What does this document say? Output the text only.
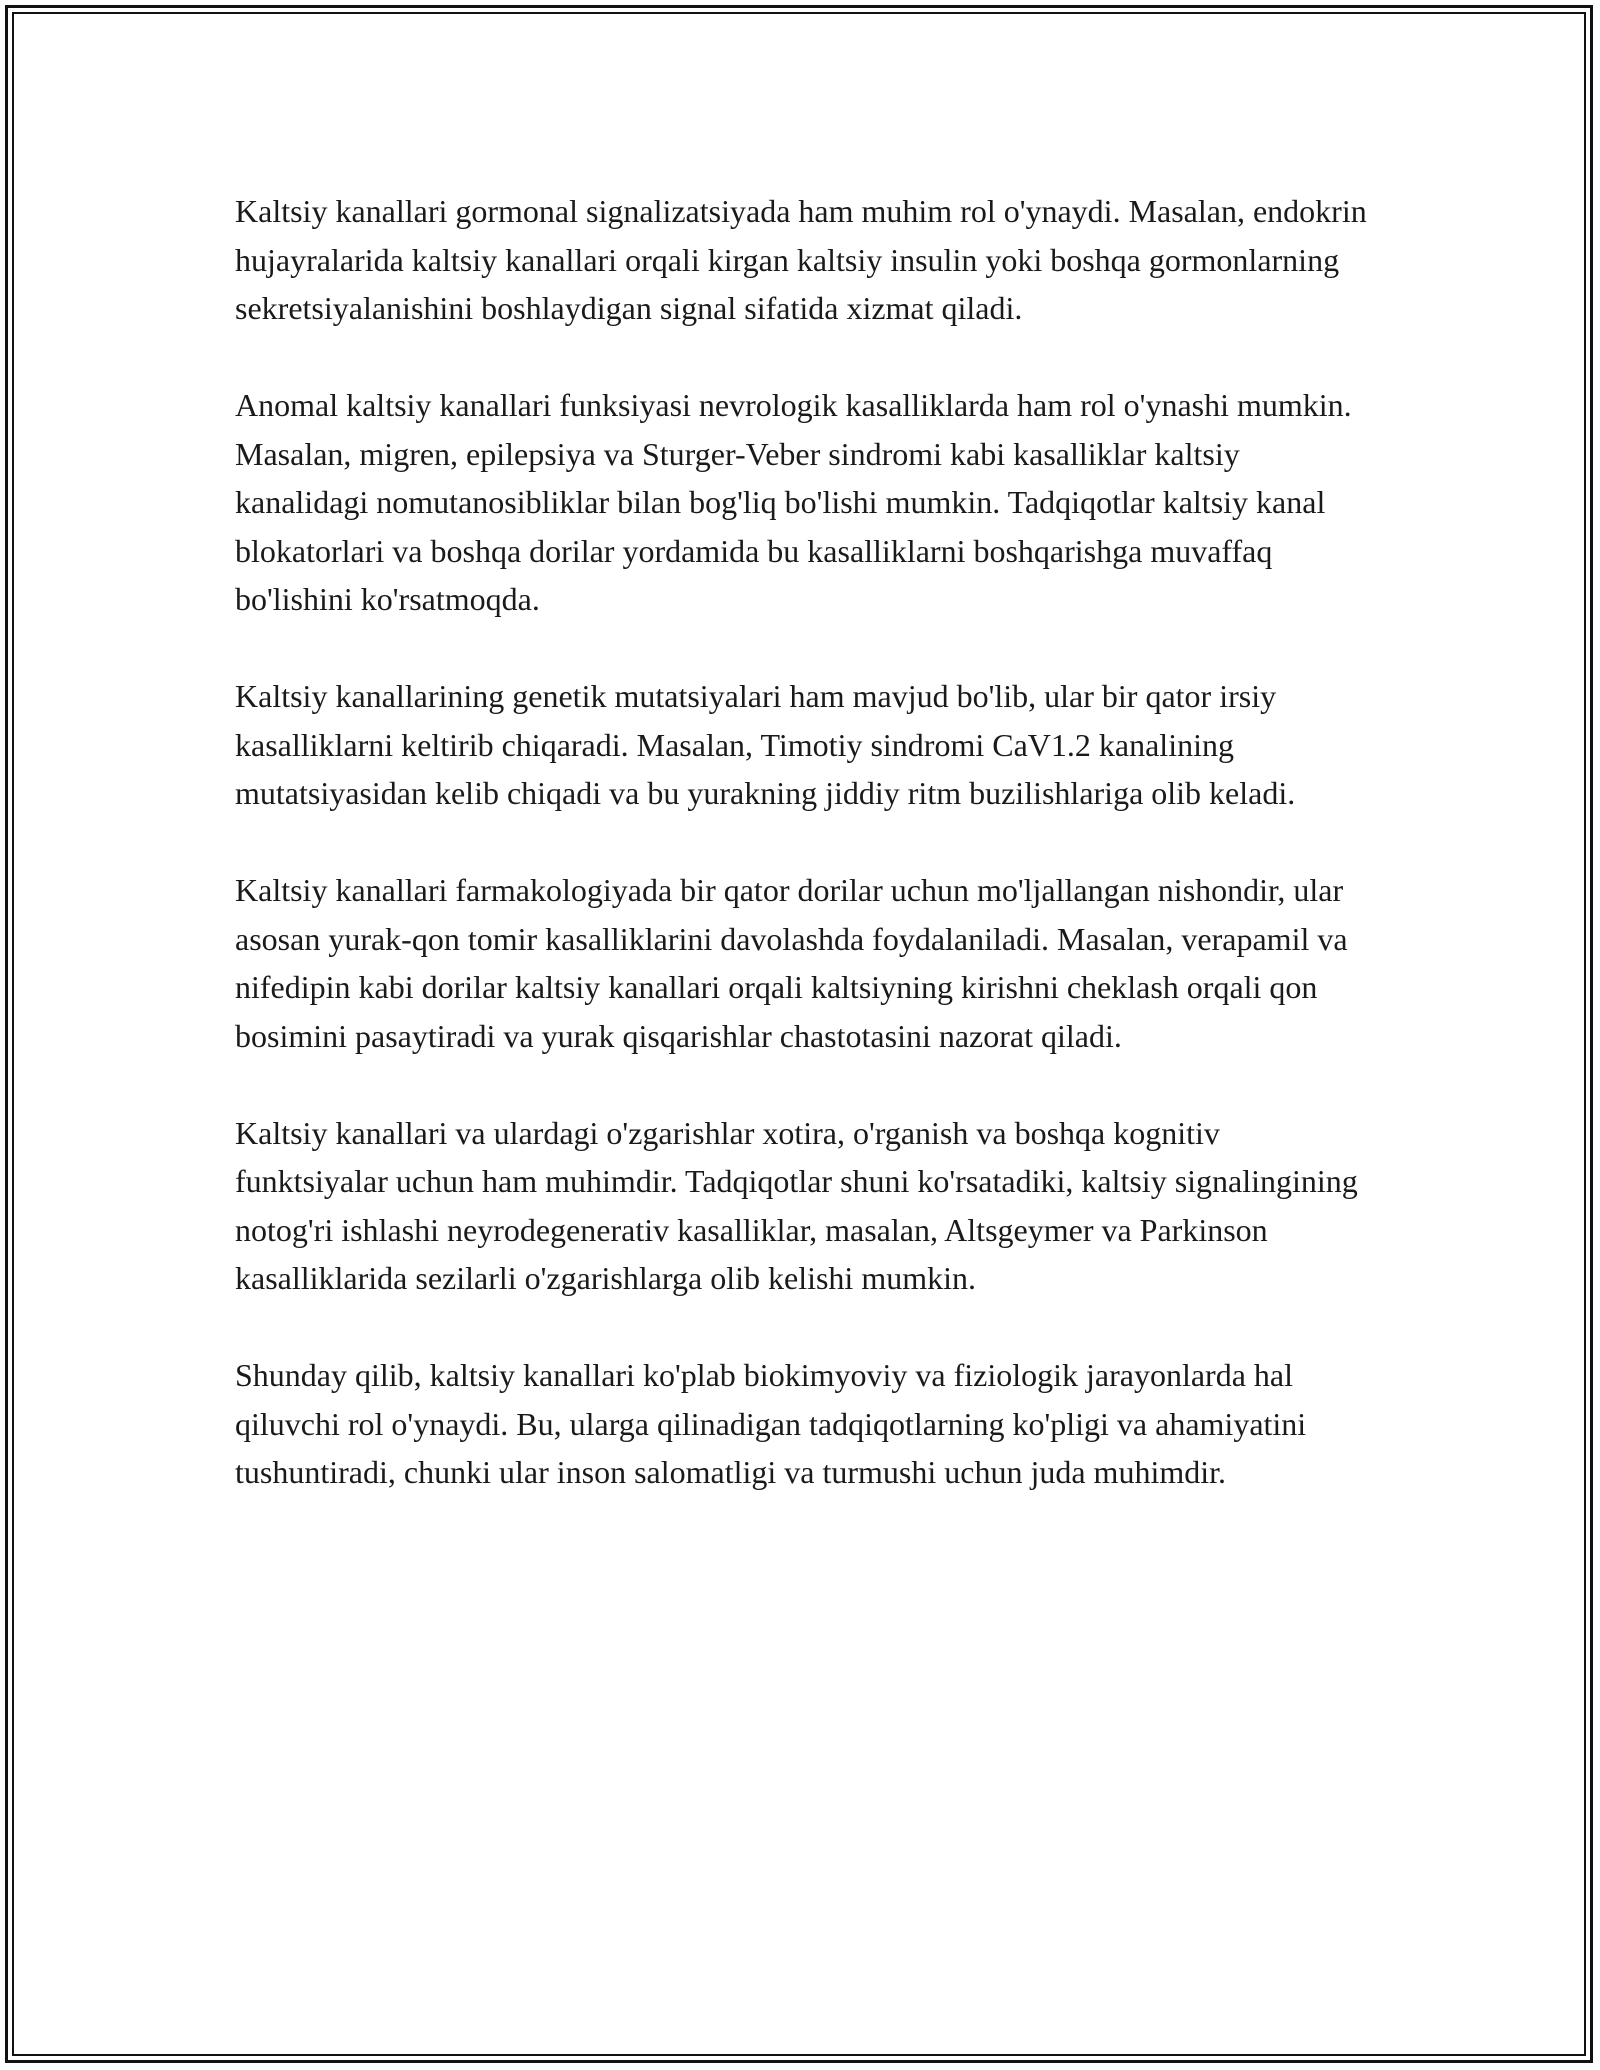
Kaltsiy kanallari gormonal signalizatsiyada ham muhim rol o'ynaydi. Masalan, endokrin hujayralarida kaltsiy kanallari orqali kirgan kaltsiy insulin yoki boshqa gormonlarning sekretsiyalanishini boshlaydigan signal sifatida xizmat qiladi.

Anomal kaltsiy kanallari funksiyasi nevrologik kasalliklarda ham rol o'ynashi mumkin. Masalan, migren, epilepsiya va Sturger-Veber sindromi kabi kasalliklar kaltsiy kanalidagi nomutanosibliklar bilan bog'liq bo'lishi mumkin. Tadqiqotlar kaltsiy kanal blokatorlari va boshqa dorilar yordamida bu kasalliklarni boshqarishga muvaffaq bo'lishini ko'rsatmoqda.

Kaltsiy kanallarining genetik mutatsiyalari ham mavjud bo'lib, ular bir qator irsiy kasalliklarni keltirib chiqaradi. Masalan, Timotiy sindromi CaV1.2 kanalining mutatsiyasidan kelib chiqadi va bu yurakning jiddiy ritm buzilishlariga olib keladi.

Kaltsiy kanallari farmakologiyada bir qator dorilar uchun mo'ljallangan nishondir, ular asosan yurak-qon tomir kasalliklarini davolashda foydalaniladi. Masalan, verapamil va nifedipin kabi dorilar kaltsiy kanallari orqali kaltsiyning kirishni cheklash orqali qon bosimini pasaytiradi va yurak qisqarishlar chastotasini nazorat qiladi.

Kaltsiy kanallari va ulardagi o'zgarishlar xotira, o'rganish va boshqa kognitiv funktsiyalar uchun ham muhimdir. Tadqiqotlar shuni ko'rsatadiki, kaltsiy signalingining notog'ri ishlashi neyrodegenerativ kasalliklar, masalan, Altsgeymer va Parkinson kasalliklarida sezilarli o'zgarishlarga olib kelishi mumkin.

Shunday qilib, kaltsiy kanallari ko'plab biokimyoviy va fiziologik jarayonlarda hal qiluvchi rol o'ynaydi. Bu, ularga qilinadigan tadqiqotlarning ko'pligi va ahamiyatini tushuntiradi, chunki ular inson salomatligi va turmushi uchun juda muhimdir.
